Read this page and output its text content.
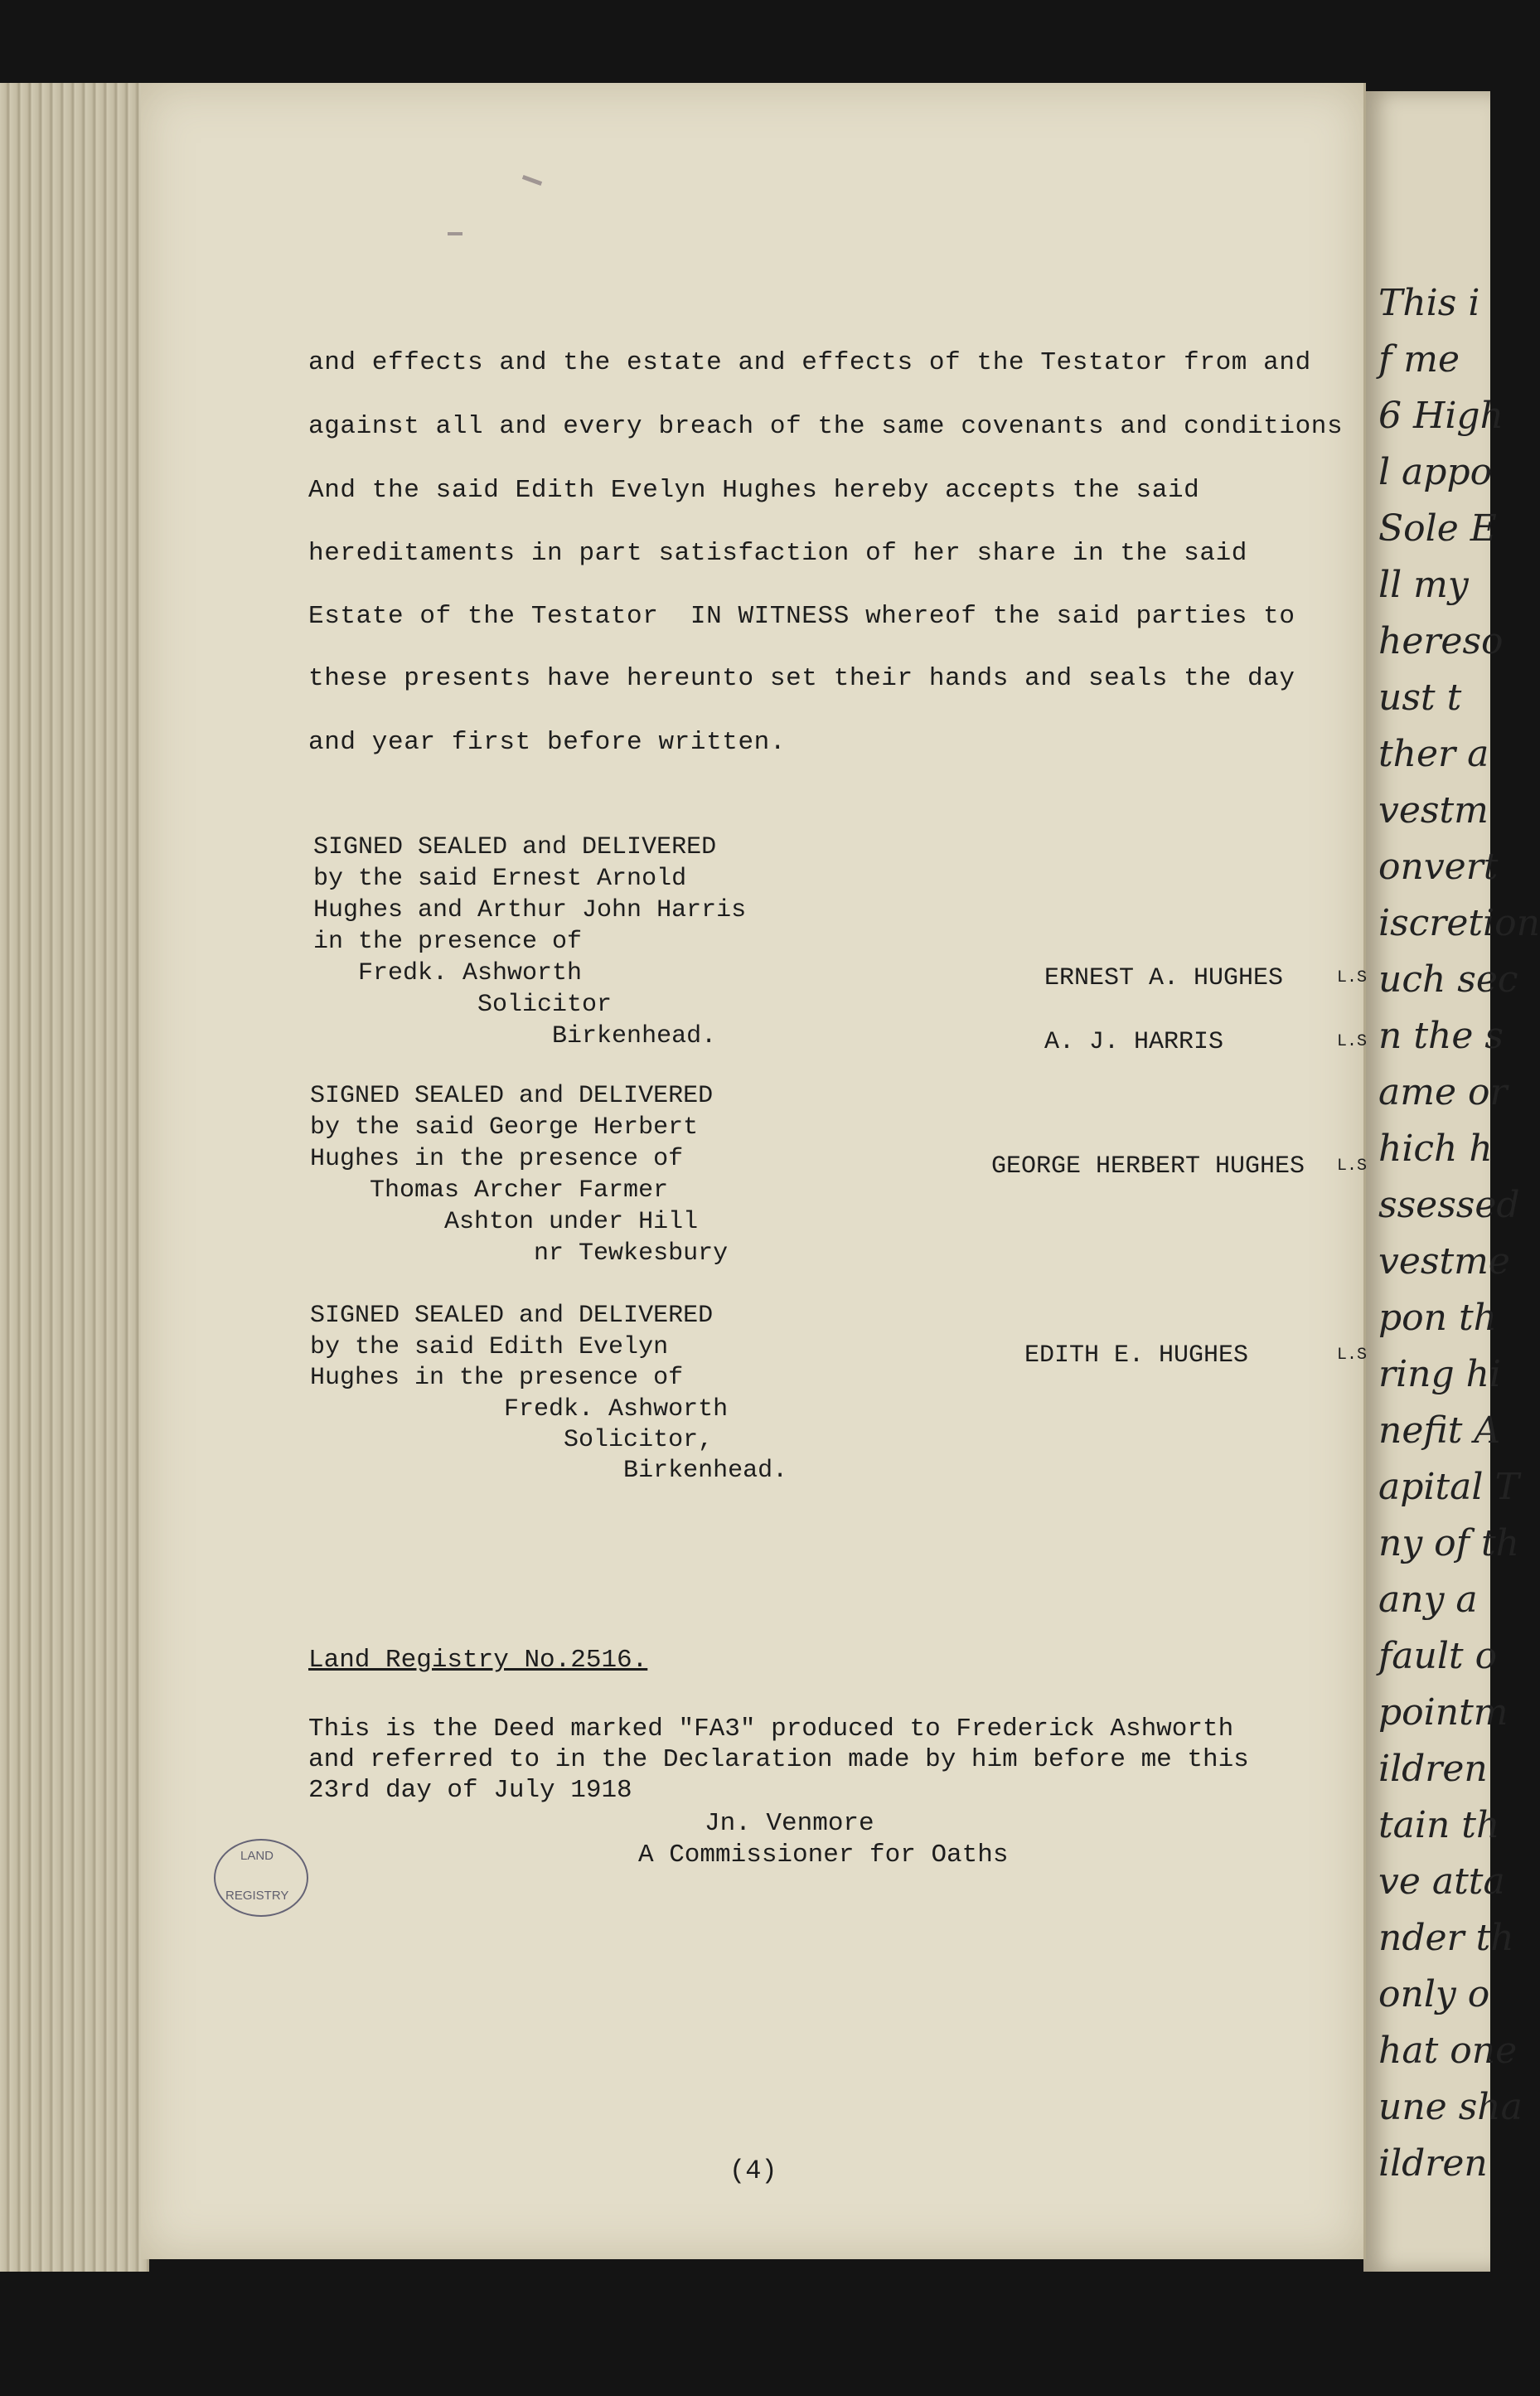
This i
f me
6 High
l appo
Sole E
ll my
hereso
ust t
ther a
vestm
onvert
iscretion
uch sec
n the s
ame or
hich h
ssessed
vestme
pon th
ring hi
nefit A
apital T
ny of th
any a
fault o
pointm
ildren
tain th
ve atta
nder th
only o
hat one
une sha
ildren
and effects and the estate and effects of the Testator from and
against all and every breach of the same covenants and conditions
And the said Edith Evelyn Hughes hereby accepts the said
hereditaments in part satisfaction of her share in the said
Estate of the Testator  IN WITNESS whereof the said parties to
these presents have hereunto set their hands and seals the day
and year first before written.
SIGNED SEALED and DELIVERED
by the said Ernest Arnold
Hughes and Arthur John Harris
in the presence of
Fredk. Ashworth
Solicitor
Birkenhead.
ERNEST A. HUGHES	L.S
A. J. HARRIS	L.S
SIGNED SEALED and DELIVERED
by the said George Herbert
Hughes in the presence of
Thomas Archer Farmer
Ashton under Hill
nr Tewkesbury
GEORGE HERBERT HUGHES L.S
SIGNED SEALED and DELIVERED
by the said Edith Evelyn
Hughes in the presence of
Fredk. Ashworth
Solicitor,
Birkenhead.
EDITH E. HUGHES	L.S
Land Registry No.2516.
This is the Deed marked "FA3" produced to Frederick Ashworth
and referred to in the Declaration made by him before me this
23rd day of July 1918
Jn. Venmore
A Commissioner for Oaths
LAND
REGISTRY
(4)
